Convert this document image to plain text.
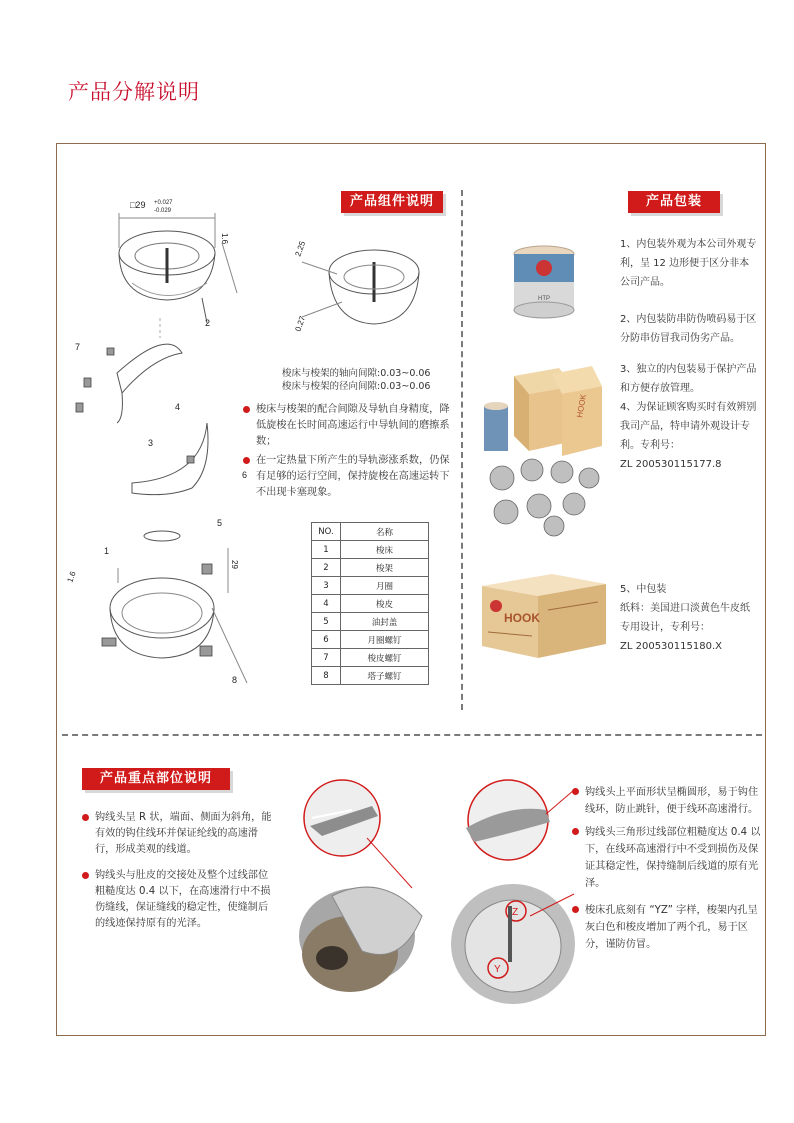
产品分解说明
□29 +0.027
-0.029
1.6
2
7
4
3
6
5
1
8
29
1.6
产品组件说明
2.25
0.27
梭床与梭架的轴向间隙:0.03~0.06
梭床与梭架的径向间隙:0.03~0.06
梭床与梭架的配合间隙及导轨自身精度，降低旋梭在长时间高速运行中导轨间的磨擦系数；
在一定热量下所产生的导轨澎涨系数，仍保有足够的运行空间，保持旋梭在高速运转下不出现卡塞现象。
NO.	名称
1	梭床
2	梭架
3	月圈
4	梭皮
5	油封盖
6	月圈螺钉
7	梭皮螺钉
8	塔子螺钉
产品包装
HTP
HOOK
HOOK

1、内包装外观为本公司外观专利，呈 12 边形便于区分非本公司产品。

2、内包装防串防伪喷码易于区分防串仿冒我司伪劣产品。

3、独立的内包装易于保护产品和方便存放管理。

4、为保证顾客购买时有效辨别我司产品，特申请外观设计专利。专利号：

ZL 200530115177.8

5、中包装
纸料：美国进口淡黄色牛皮纸
专用设计，专利号：
ZL 200530115180.X
产品重点部位说明
钩线头呈 R 状，端面、侧面为斜角，能有效的钩住线环并保证纶线的高速滑行，形成美观的线道。
钩线头与肚皮的交接处及整个过线部位粗糙度达 0.4 以下，在高速滑行中不损伤缝线，保证缝线的稳定性，使缝制后的线迹保持原有的光泽。
Y
Z
钩线头上平面形状呈椭圆形，易于钩住线环，防止跳针，便于线环高速滑行。
钩线头三角形过线部位粗糙度达 0.4 以下，在线环高速滑行中不受到损伤及保证其稳定性，保持缝制后线道的原有光泽。
梭床孔底刻有 “YZ” 字样，梭架内孔呈灰白色和梭皮增加了两个孔，易于区分，谨防仿冒。
